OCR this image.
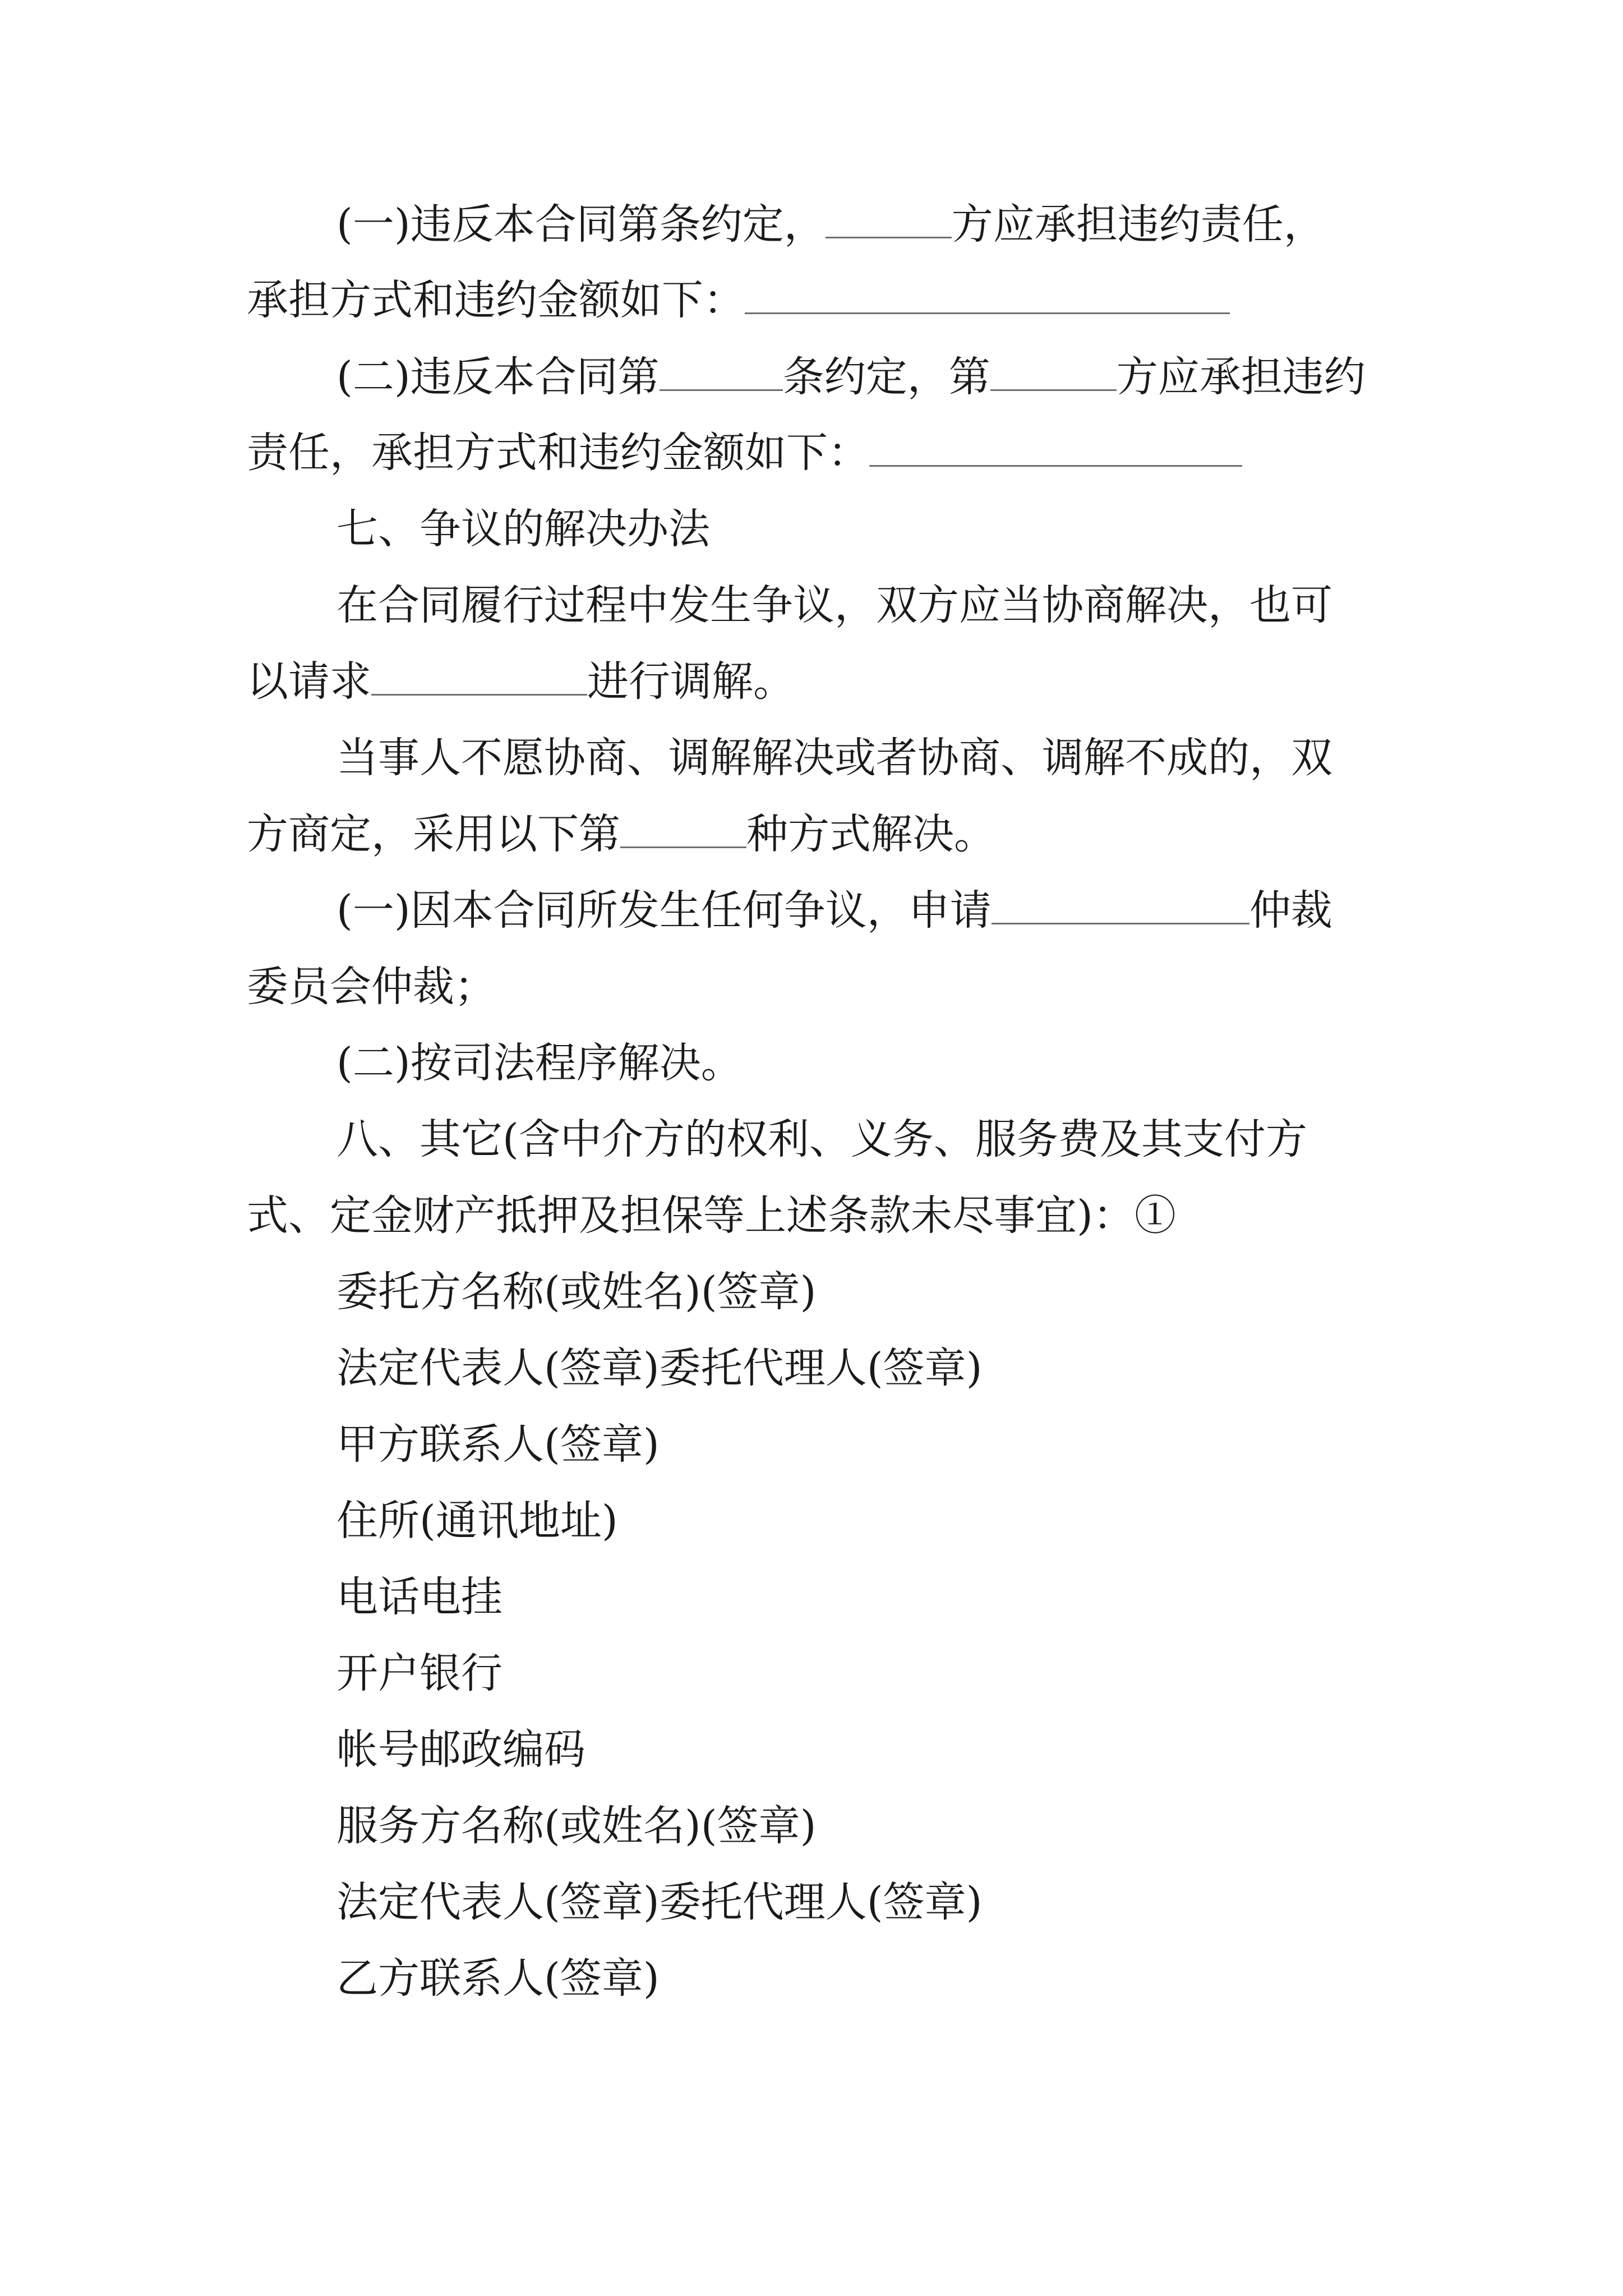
(一)违反本合同第条约定，	方应承担违约责任，
承担方式和违约金额如下：
(二)违反本合同第	条约定，第	方应承担违约
责任，承担方式和违约金额如下：
七、争议的解决办法
在合同履行过程中发生争议，双方应当协商解决，也可
以请求	进行调解。
当事人不愿协商、调解解决或者协商、调解不成的，双
方商定，采用以下第	种方式解决。
(一)因本合同所发生任何争议，申请	仲裁
委员会仲裁；
(二)按司法程序解决。
八、其它(含中介方的权利、义务、服务费及其支付方
式、定金财产抵押及担保等上述条款未尽事宜)：①
委托方名称(或姓名)(签章)
法定代表人(签章)委托代理人(签章)
甲方联系人(签章)
住所(通讯地址)
电话电挂
开户银行
帐号邮政编码
服务方名称(或姓名)(签章)
法定代表人(签章)委托代理人(签章)
乙方联系人(签章)
